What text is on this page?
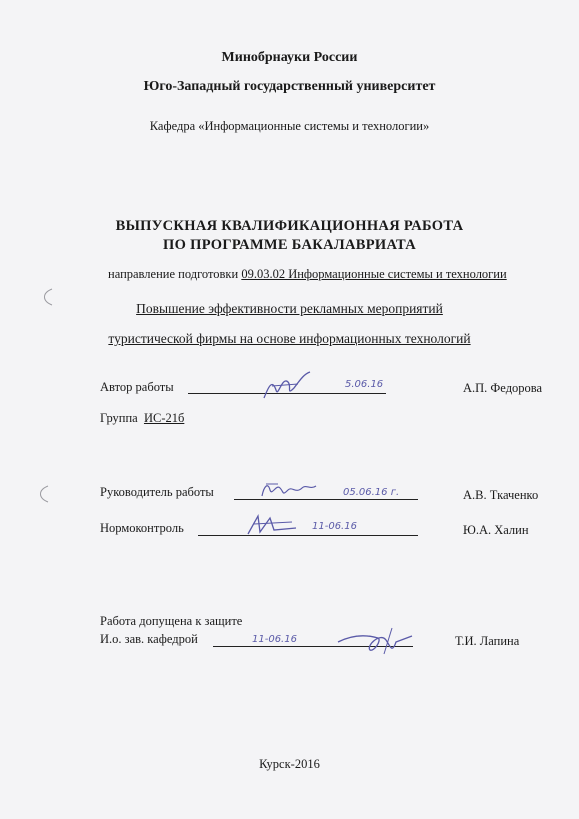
Минобрнауки России
Юго-Западный государственный университет
Кафедра «Информационные системы и технологии»
ВЫПУСКНАЯ КВАЛИФИКАЦИОННАЯ РАБОТА
ПО ПРОГРАММЕ БАКАЛАВРИАТА
направление подготовки 09.03.02 Информационные системы и технологии
Повышение эффективности рекламных мероприятий
туристической фирмы на основе информационных технологий
Автор работы	5.06.16	А.П. Федорова
Группа ИС-21б
Руководитель работы	05.06.16 г.	А.В. Ткаченко
Нормоконтроль	11-06.16	Ю.А. Халин
Работа допущена к защите
И.о. зав. кафедрой	11-06.16	Т.И. Лапина
Курск-2016
